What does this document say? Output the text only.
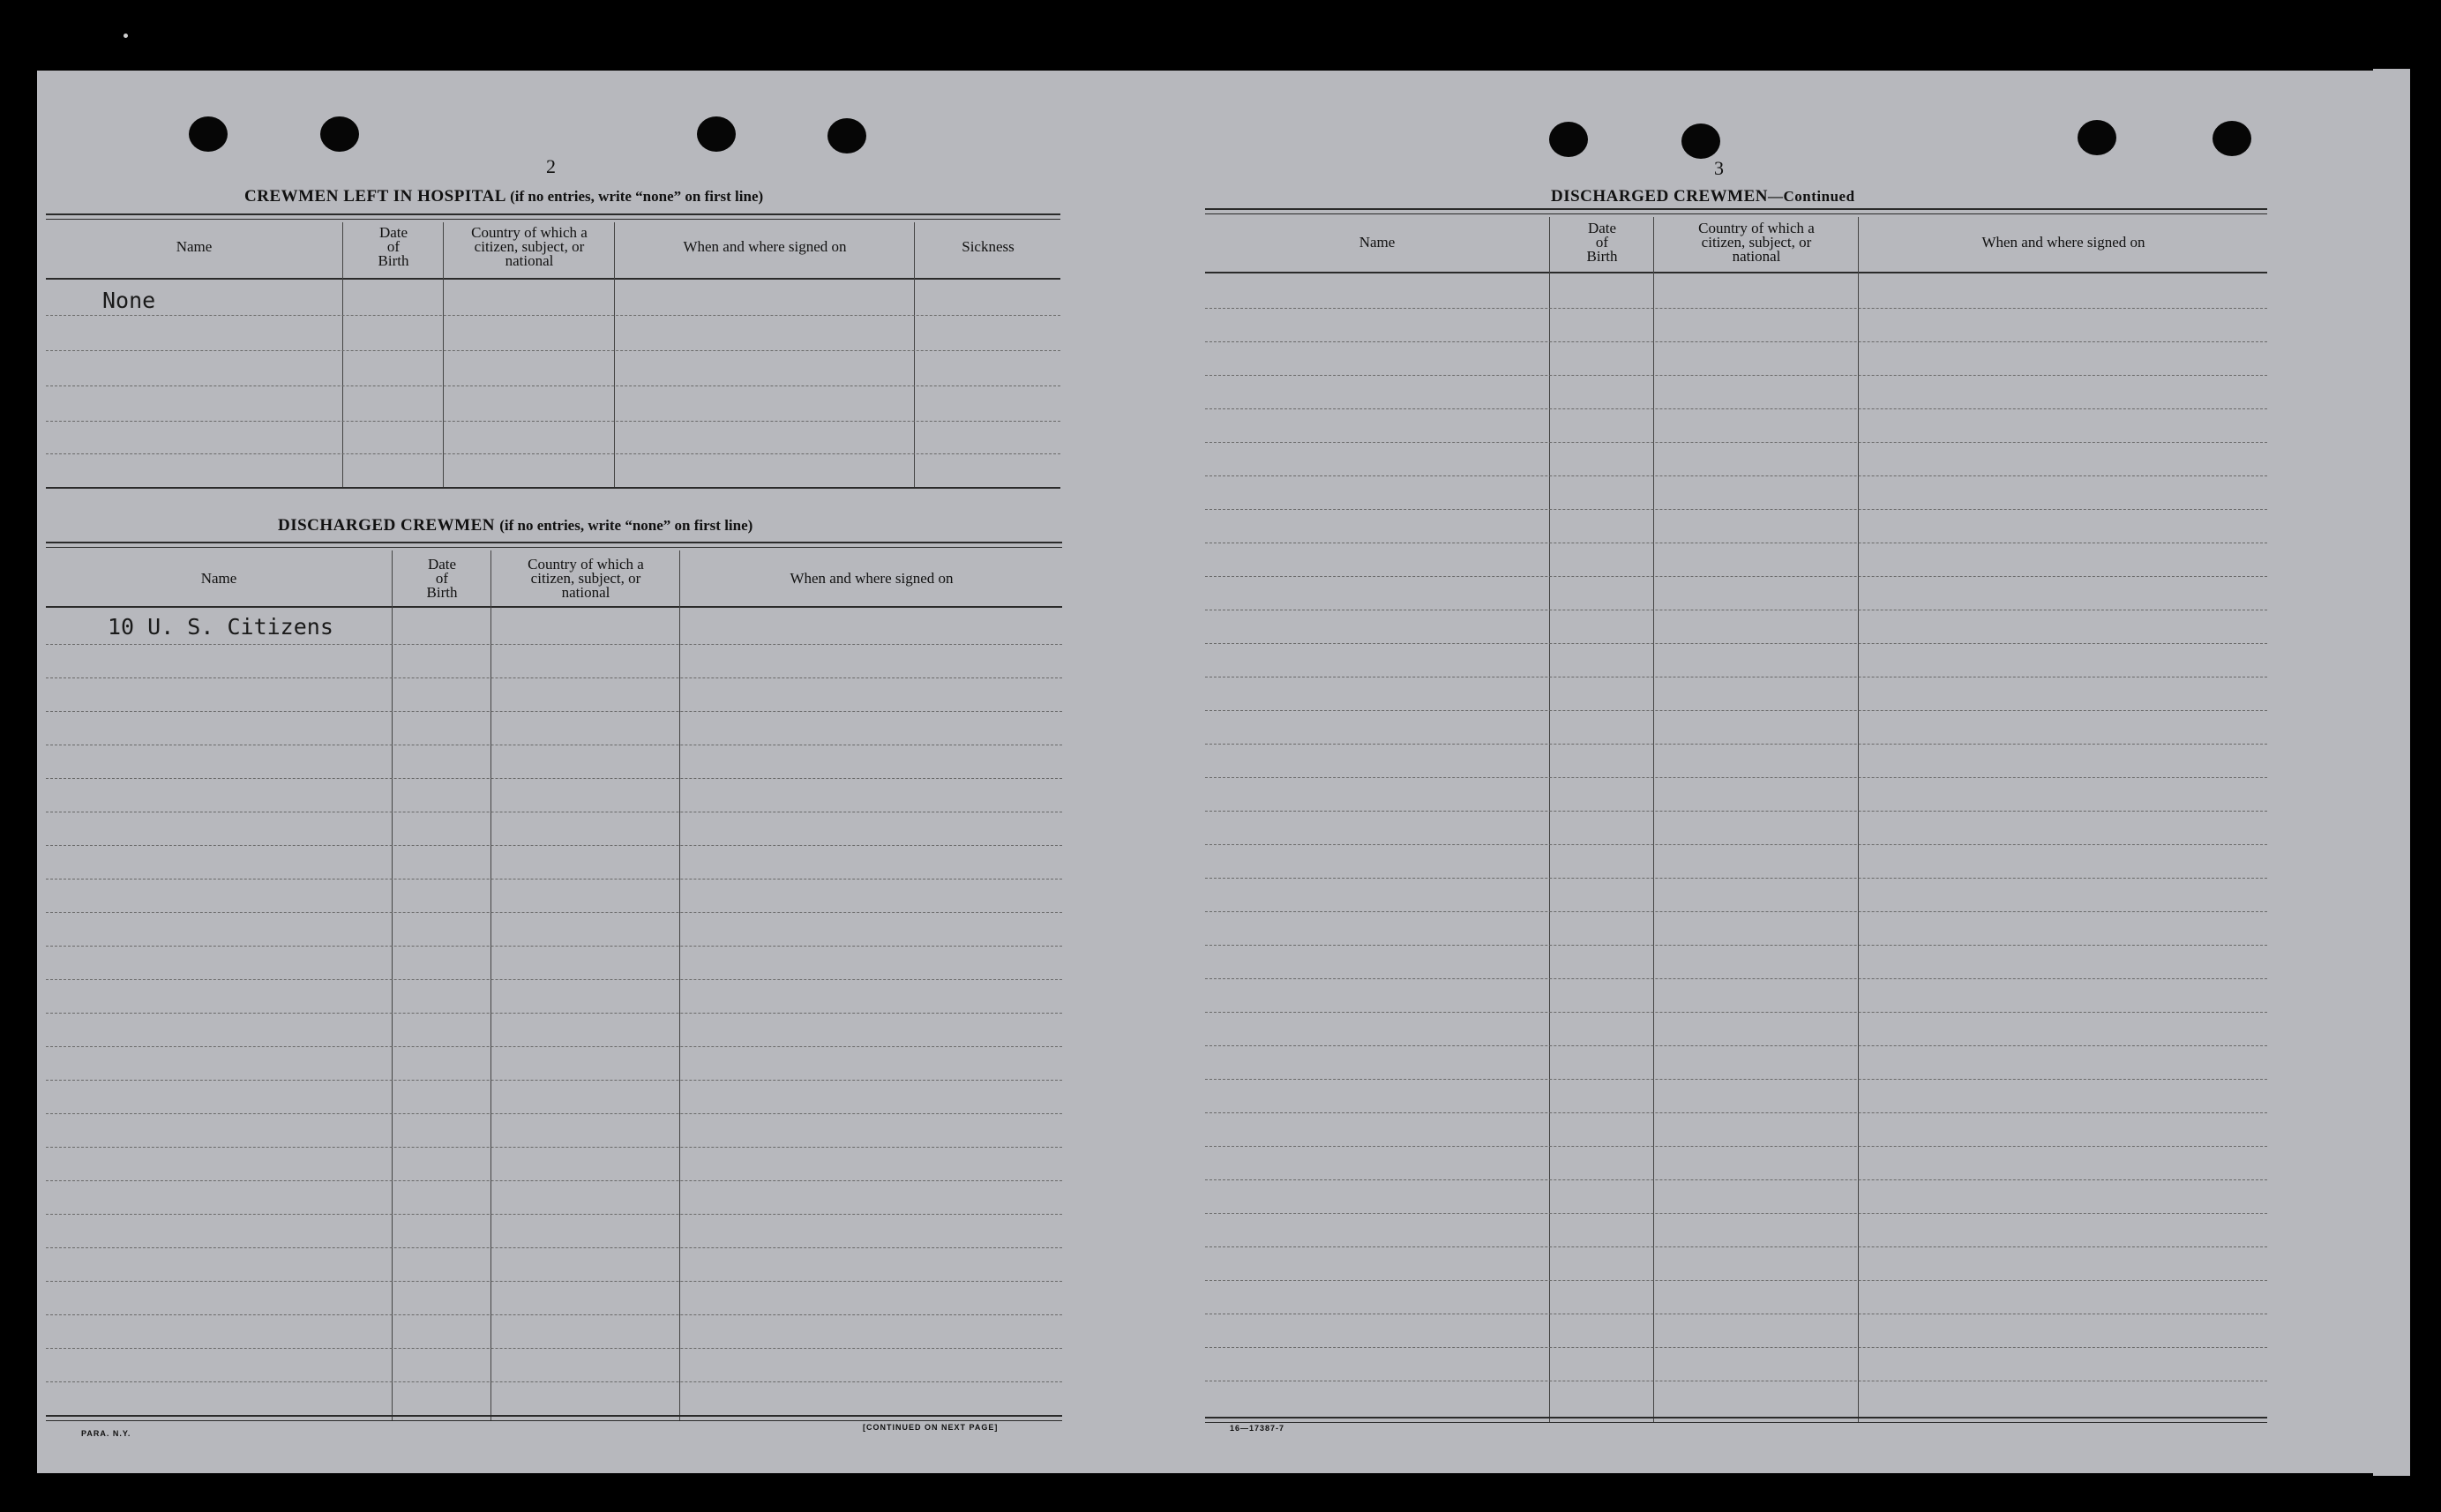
2
CREWMEN LEFT IN HOSPITAL (if no entries, write “none” on first line)
Name
Date
of
Birth
Country of which a
citizen, subject, or
national
When and where signed on	Sickness
None
DISCHARGED CREWMEN (if no entries, write “none” on first line)
Name
Date
of
Birth
Country of which a
citizen, subject, or
national
When and where signed on
10 U. S. Citizens
PARA. N.Y.
[CONTINUED ON NEXT PAGE]
3
DISCHARGED CREWMEN—Continued
Name
Date
of
Birth
Country of which a
citizen, subject, or
national
When and where signed on
16—17387-7
